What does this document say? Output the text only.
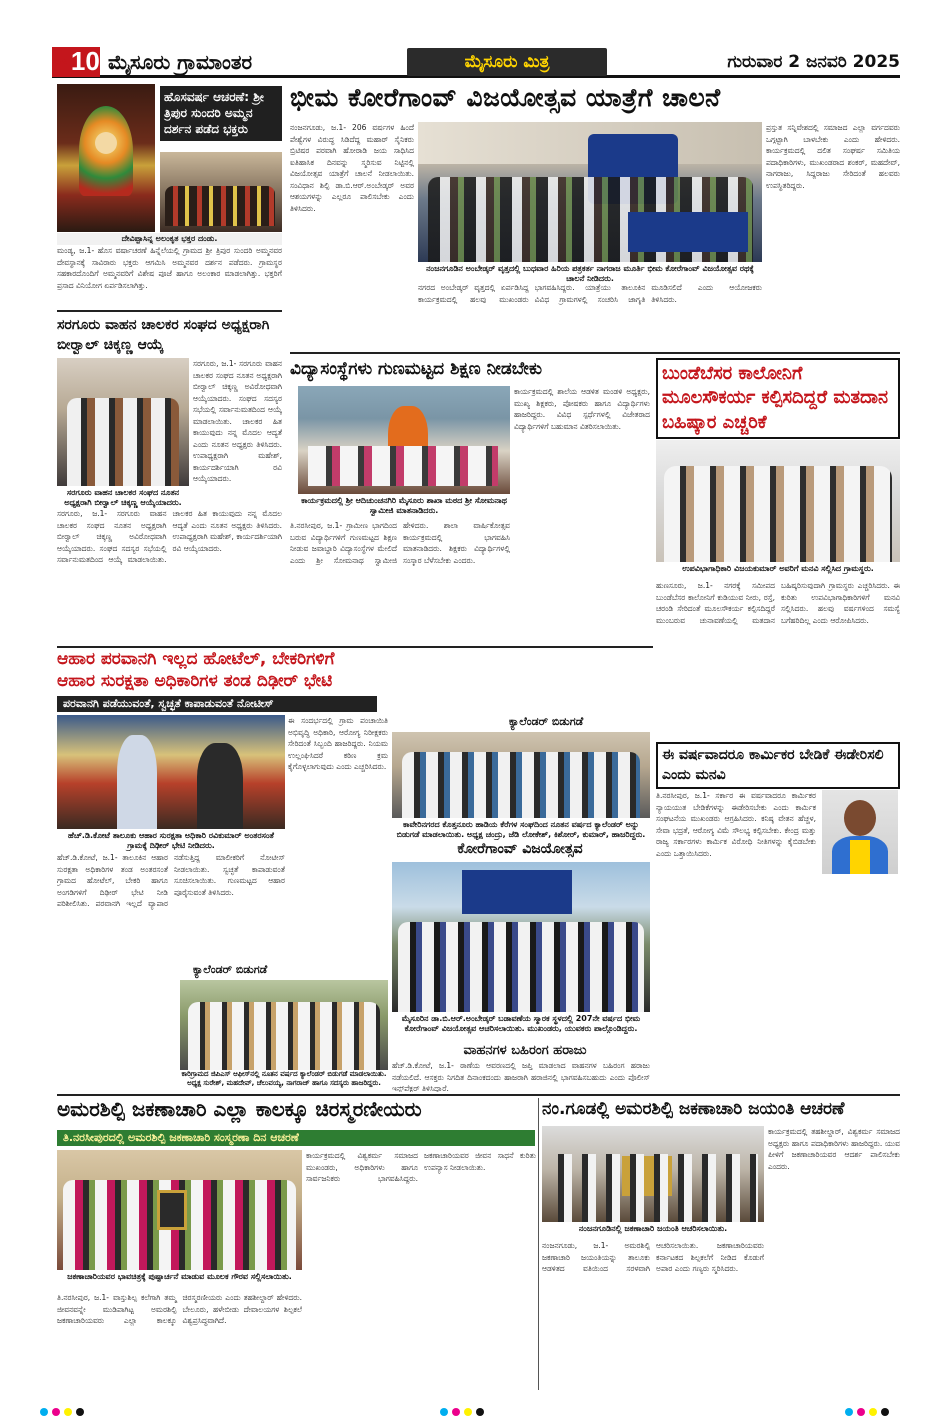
ಪುಟ 10 ಮೈಸೂರು ಗ್ರಾಮಾಂತರ	ಮೈಸೂರು ಮಿತ್ರ	ಗುರುವಾರ 2 ಜನವರಿ 2025
ಹೊಸವರ್ಷ ಆಚರಣೆ: ಶ್ರೀ ತ್ರಿಪುರ ಸುಂದರಿ ಅಮ್ಮನ ದರ್ಶನ ಪಡೆದ ಭಕ್ತರು
ದೇವಿಪ್ಪಾಸಿನ್ನ ಅಲಂಕೃತ ಭಕ್ತರ ದಂಡು.
ಮಂಡ್ಯ, ಜ.1- ಹೊಸ ವರ್ಷಾಚರಣೆ ಹಿನ್ನೆಲೆಯಲ್ಲಿ ಗ್ರಾಮದ ಶ್ರೀ ತ್ರಿಪುರ ಸುಂದರಿ ಅಮ್ಮನವರ ದೇವಸ್ಥಾನಕ್ಕೆ ಸಾವಿರಾರು ಭಕ್ತರು ಆಗಮಿಸಿ ಅಮ್ಮನವರ ದರ್ಶನ ಪಡೆದರು. ಗ್ರಾಮಸ್ಥರ ಸಹಕಾರದೊಂದಿಗೆ ಅಮ್ಮನವರಿಗೆ ವಿಶೇಷ ಪೂಜೆ ಹಾಗೂ ಅಲಂಕಾರ ಮಾಡಲಾಗಿತ್ತು. ಭಕ್ತರಿಗೆ ಪ್ರಸಾದ ವಿನಿಯೋಗ ಏರ್ಪಡಿಸಲಾಗಿತ್ತು.
ಭೀಮ ಕೋರೆಗಾಂವ್ ವಿಜಯೋತ್ಸವ ಯಾತ್ರೆಗೆ ಚಾಲನೆ
ನಂಜನಗೂಡು, ಜ.1- 206 ವರ್ಷಗಳ ಹಿಂದೆ ಪೇಶ್ವೆಗಳ ವಿರುದ್ಧ ಸಿಡಿದೆದ್ದ ಮಹಾರ್ ಸೈನಿಕರು ಬ್ರಿಟಿಷರ ಪರವಾಗಿ ಹೋರಾಡಿ ಜಯ ಸಾಧಿಸಿದ ಐತಿಹಾಸಿಕ ದಿನವನ್ನು ಸ್ಮರಿಸುವ ನಿಟ್ಟಿನಲ್ಲಿ ವಿಜಯೋತ್ಸವ ಯಾತ್ರೆಗೆ ಚಾಲನೆ ನೀಡಲಾಯಿತು. ಸಂವಿಧಾನ ಶಿಲ್ಪಿ ಡಾ.ಬಿ.ಆರ್.ಅಂಬೇಡ್ಕರ್ ಅವರ ಆಶಯಗಳನ್ನು ಎಲ್ಲರೂ ಪಾಲಿಸಬೇಕು ಎಂದು ತಿಳಿಸಿದರು.
ನಂಜನಗೂಡಿನ ಅಂಬೇಡ್ಕರ್ ವೃತ್ತದಲ್ಲಿ ಬುಧವಾರ ಹಿರಿಯ ಪತ್ರಕರ್ತ ನಾಗರಾಜ ಮೂರ್ತಿ ಭೀಮ ಕೋರೆಗಾಂವ್ ವಿಜಯೋತ್ಸವ ರಥಕ್ಕೆ ಚಾಲನೆ ನೀಡಿದರು.
ನಗರದ ಅಂಬೇಡ್ಕರ್ ವೃತ್ತದಲ್ಲಿ ಏರ್ಪಡಿಸಿದ್ದ ಕಾರ್ಯಕ್ರಮದಲ್ಲಿ ಹಲವು ಮುಖಂಡರು ಭಾಗವಹಿಸಿದ್ದರು. ಯಾತ್ರೆಯು ತಾಲೂಕಿನ ವಿವಿಧ ಗ್ರಾಮಗಳಲ್ಲಿ ಸಂಚರಿಸಿ ಜಾಗೃತಿ ಮೂಡಿಸಲಿದೆ ಎಂದು ಆಯೋಜಕರು ತಿಳಿಸಿದರು.
ಪ್ರಸ್ತುತ ಸನ್ನಿವೇಶದಲ್ಲಿ ಸಮಾಜದ ಎಲ್ಲಾ ವರ್ಗದವರು ಒಗ್ಗಟ್ಟಾಗಿ ಬಾಳಬೇಕು ಎಂದು ಹೇಳಿದರು. ಕಾರ್ಯಕ್ರಮದಲ್ಲಿ ದಲಿತ ಸಂಘರ್ಷ ಸಮಿತಿಯ ಪದಾಧಿಕಾರಿಗಳು, ಮುಖಂಡರಾದ ಶಂಕರ್, ಮಹದೇವ್, ನಾಗರಾಜು, ಸಿದ್ದರಾಜು ಸೇರಿದಂತೆ ಹಲವರು ಉಪಸ್ಥಿತರಿದ್ದರು.
ಸರಗೂರು ವಾಹನ ಚಾಲಕರ ಸಂಘದ ಅಧ್ಯಕ್ಷರಾಗಿ ಬೀರ್‍ವಾಲ್ ಚಿಕ್ಕಣ್ಣ ಆಯ್ಕೆ
ಸರಗೂರು, ಜ.1- ಸರಗೂರು ವಾಹನ ಚಾಲಕರ ಸಂಘದ ನೂತನ ಅಧ್ಯಕ್ಷರಾಗಿ ಬೀರ್‍ವಾಲ್ ಚಿಕ್ಕಣ್ಣ ಅವಿರೋಧವಾಗಿ ಆಯ್ಕೆಯಾದರು. ಸಂಘದ ಸದಸ್ಯರ ಸಭೆಯಲ್ಲಿ ಸರ್ವಾನುಮತದಿಂದ ಆಯ್ಕೆ ಮಾಡಲಾಯಿತು. ಚಾಲಕರ ಹಿತ ಕಾಯುವುದು ನನ್ನ ಮೊದಲ ಆದ್ಯತೆ ಎಂದು ನೂತನ ಅಧ್ಯಕ್ಷರು ತಿಳಿಸಿದರು. ಉಪಾಧ್ಯಕ್ಷರಾಗಿ ಮಹೇಶ್, ಕಾರ್ಯದರ್ಶಿಯಾಗಿ ರವಿ ಆಯ್ಕೆಯಾದರು.
ಸರಗೂರು ವಾಹನ ಚಾಲಕರ ಸಂಘದ ನೂತನ ಅಧ್ಯಕ್ಷರಾಗಿ ಬೀರ್‍ವಾಲ್ ಚಿಕ್ಕಣ್ಣ ಆಯ್ಕೆಯಾದರು.
ಸರಗೂರು, ಜ.1- ಸರಗೂರು ವಾಹನ ಚಾಲಕರ ಸಂಘದ ನೂತನ ಅಧ್ಯಕ್ಷರಾಗಿ ಬೀರ್‍ವಾಲ್ ಚಿಕ್ಕಣ್ಣ ಅವಿರೋಧವಾಗಿ ಆಯ್ಕೆಯಾದರು. ಸಂಘದ ಸದಸ್ಯರ ಸಭೆಯಲ್ಲಿ ಸರ್ವಾನುಮತದಿಂದ ಆಯ್ಕೆ ಮಾಡಲಾಯಿತು. ಚಾಲಕರ ಹಿತ ಕಾಯುವುದು ನನ್ನ ಮೊದಲ ಆದ್ಯತೆ ಎಂದು ನೂತನ ಅಧ್ಯಕ್ಷರು ತಿಳಿಸಿದರು. ಉಪಾಧ್ಯಕ್ಷರಾಗಿ ಮಹೇಶ್, ಕಾರ್ಯದರ್ಶಿಯಾಗಿ ರವಿ ಆಯ್ಕೆಯಾದರು.
ವಿದ್ಯಾಸಂಸ್ಥೆಗಳು ಗುಣಮಟ್ಟದ ಶಿಕ್ಷಣ ನೀಡಬೇಕು
ಕಾರ್ಯಕ್ರಮದಲ್ಲಿ ಶ್ರೀ ಆದಿಚುಂಚನಗಿರಿ ಮೈಸೂರು ಶಾಖಾ ಮಠದ ಶ್ರೀ ಸೋಮನಾಥ ಸ್ವಾಮೀಜಿ ಮಾತನಾಡಿದರು.
ತಿ.ನರಸೀಪುರ, ಜ.1- ಗ್ರಾಮೀಣ ಭಾಗದಿಂದ ಬರುವ ವಿದ್ಯಾರ್ಥಿಗಳಿಗೆ ಗುಣಮಟ್ಟದ ಶಿಕ್ಷಣ ನೀಡುವ ಜವಾಬ್ದಾರಿ ವಿದ್ಯಾಸಂಸ್ಥೆಗಳ ಮೇಲಿದೆ ಎಂದು ಶ್ರೀ ಸೋಮನಾಥ ಸ್ವಾಮೀಜಿ ಹೇಳಿದರು. ಶಾಲಾ ವಾರ್ಷಿಕೋತ್ಸವ ಕಾರ್ಯಕ್ರಮದಲ್ಲಿ ಭಾಗವಹಿಸಿ ಮಾತನಾಡಿದರು. ಶಿಕ್ಷಕರು ವಿದ್ಯಾರ್ಥಿಗಳಲ್ಲಿ ಸಂಸ್ಕಾರ ಬೆಳೆಸಬೇಕು ಎಂದರು.
ಕಾರ್ಯಕ್ರಮದಲ್ಲಿ ಶಾಲೆಯ ಆಡಳಿತ ಮಂಡಳಿ ಅಧ್ಯಕ್ಷರು, ಮುಖ್ಯ ಶಿಕ್ಷಕರು, ಪೋಷಕರು ಹಾಗೂ ವಿದ್ಯಾರ್ಥಿಗಳು ಹಾಜರಿದ್ದರು. ವಿವಿಧ ಸ್ಪರ್ಧೆಗಳಲ್ಲಿ ವಿಜೇತರಾದ ವಿದ್ಯಾರ್ಥಿಗಳಿಗೆ ಬಹುಮಾನ ವಿತರಿಸಲಾಯಿತು.
ಬುಂಡೆಬೆಸರ ಕಾಲೋನಿಗೆ ಮೂಲಸೌಕರ್ಯ ಕಲ್ಪಿಸದಿದ್ದರೆ ಮತದಾನ ಬಹಿಷ್ಕಾರ ಎಚ್ಚರಿಕೆ
ಉಪವಿಭಾಗಾಧಿಕಾರಿ ವಿಜಯಕುಮಾರ್ ಅವರಿಗೆ ಮನವಿ ಸಲ್ಲಿಸಿದ ಗ್ರಾಮಸ್ಥರು.
ಹುಣಸೂರು, ಜ.1- ನಗರಕ್ಕೆ ಸಮೀಪದ ಬುಂಡೆಬೆಸರ ಕಾಲೋನಿಗೆ ಕುಡಿಯುವ ನೀರು, ರಸ್ತೆ, ಚರಂಡಿ ಸೇರಿದಂತೆ ಮೂಲಸೌಕರ್ಯ ಕಲ್ಪಿಸದಿದ್ದರೆ ಮುಂಬರುವ ಚುನಾವಣೆಯಲ್ಲಿ ಮತದಾನ ಬಹಿಷ್ಕರಿಸುವುದಾಗಿ ಗ್ರಾಮಸ್ಥರು ಎಚ್ಚರಿಸಿದರು. ಈ ಕುರಿತು ಉಪವಿಭಾಗಾಧಿಕಾರಿಗಳಿಗೆ ಮನವಿ ಸಲ್ಲಿಸಿದರು. ಹಲವು ವರ್ಷಗಳಿಂದ ಸಮಸ್ಯೆ ಬಗೆಹರಿದಿಲ್ಲ ಎಂದು ಆರೋಪಿಸಿದರು.
ಆಹಾರ ಪರವಾನಗಿ ಇಲ್ಲದ ಹೋಟೆಲ್, ಬೇಕರಿಗಳಿಗೆ
ಆಹಾರ ಸುರಕ್ಷತಾ ಅಧಿಕಾರಿಗಳ ತಂಡ ದಿಢೀರ್ ಭೇಟಿ
ಪರವಾನಗಿ ಪಡೆಯುವಂತೆ, ಸ್ವಚ್ಛತೆ ಕಾಪಾಡುವಂತೆ ನೋಟೀಸ್
ಹೆಚ್.ಡಿ.ಕೋಟೆ ತಾಲೂಕು ಆಹಾರ ಸುರಕ್ಷತಾ ಅಧಿಕಾರಿ ರವಿಕುಮಾರ್ ಅಂತರಸಂತೆ ಗ್ರಾಮಕ್ಕೆ ದಿಢೀರ್ ಭೇಟಿ ನೀಡಿದರು.
ಹೆಚ್.ಡಿ.ಕೋಟೆ, ಜ.1- ತಾಲೂಕಿನ ಆಹಾರ ಸುರಕ್ಷತಾ ಅಧಿಕಾರಿಗಳ ತಂಡ ಅಂತರಸಂತೆ ಗ್ರಾಮದ ಹೋಟೆಲ್, ಬೇಕರಿ ಹಾಗೂ ಅಂಗಡಿಗಳಿಗೆ ದಿಢೀರ್ ಭೇಟಿ ನೀಡಿ ಪರಿಶೀಲಿಸಿತು. ಪರವಾನಗಿ ಇಲ್ಲದೆ ವ್ಯಾಪಾರ ನಡೆಸುತ್ತಿದ್ದ ಮಾಲೀಕರಿಗೆ ನೋಟೀಸ್ ನೀಡಲಾಯಿತು. ಸ್ವಚ್ಛತೆ ಕಾಪಾಡುವಂತೆ ಸೂಚಿಸಲಾಯಿತು. ಗುಣಮಟ್ಟದ ಆಹಾರ ಪೂರೈಸುವಂತೆ ತಿಳಿಸಿದರು.
ಈ ಸಂದರ್ಭದಲ್ಲಿ ಗ್ರಾಮ ಪಂಚಾಯಿತಿ ಅಭಿವೃದ್ಧಿ ಅಧಿಕಾರಿ, ಆರೋಗ್ಯ ನಿರೀಕ್ಷಕರು ಸೇರಿದಂತೆ ಸಿಬ್ಬಂದಿ ಹಾಜರಿದ್ದರು. ನಿಯಮ ಉಲ್ಲಂಘಿಸಿದರೆ ಕಠಿಣ ಕ್ರಮ ಕೈಗೊಳ್ಳಲಾಗುವುದು ಎಂದು ಎಚ್ಚರಿಸಿದರು.
ಕ್ಯಾಲೆಂಡರ್ ಬಿಡುಗಡೆ
ಕಾವೇರಿನಗರದ ಕೊತ್ತನೂರು ಹಾಡಿಯ ಕೆರೆಗಳ ಸಂಘದಿಂದ ನೂತನ ವರ್ಷದ ಕ್ಯಾಲೆಂಡರ್ ಅನ್ನು ಬಿಡುಗಡೆ ಮಾಡಲಾಯಿತು. ಅಧ್ಯಕ್ಷ ಚಂದ್ರು, ಜೆಡಿ ಲೋಕೇಶ್, ಕಿಶೋರ್, ಕುಮಾರ್, ಹಾಜರಿದ್ದರು.
ಕ್ಯಾಲೆಂಡರ್ ಬಿಡುಗಡೆ
ಕಾರಿಗ್ರಾಮದ ಜಿಪಿಎಸ್ ಆಫೀಸ್‌ನಲ್ಲಿ ನೂತನ ವರ್ಷದ ಕ್ಯಾಲೆಂಡರ್ ಬಿಡುಗಡೆ ಮಾಡಲಾಯಿತು. ಅಧ್ಯಕ್ಷ ಸುರೇಶ್, ಮಹದೇವ್, ಚೆಲುವಯ್ಯ, ನಾಗರಾಜ್ ಹಾಗೂ ಸದಸ್ಯರು ಹಾಜರಿದ್ದರು.
ಕೋರೆಗಾಂವ್ ವಿಜಯೋತ್ಸವ
ಮೈಸೂರಿನ ಡಾ.ಬಿ.ಆರ್.ಅಂಬೇಡ್ಕರ್ ಬಡಾವಣೆಯ ಸ್ಮಾರಕ ಸ್ಥಳದಲ್ಲಿ 207ನೇ ವರ್ಷದ ಭೀಮ ಕೋರೆಗಾಂವ್ ವಿಜಯೋತ್ಸವ ಆಚರಿಸಲಾಯಿತು. ಮುಖಂಡರು, ಯುವಕರು ಪಾಲ್ಗೊಂಡಿದ್ದರು.
ವಾಹನಗಳ ಬಹಿರಂಗ ಹರಾಜು
ಹೆಚ್.ಡಿ.ಕೋಟೆ, ಜ.1- ಠಾಣೆಯ ಆವರಣದಲ್ಲಿ ಜಪ್ತಿ ಮಾಡಲಾದ ವಾಹನಗಳ ಬಹಿರಂಗ ಹರಾಜು ನಡೆಯಲಿದೆ. ಆಸಕ್ತರು ನಿಗದಿತ ದಿನಾಂಕದಂದು ಹಾಜರಾಗಿ ಹರಾಜಿನಲ್ಲಿ ಭಾಗವಹಿಸಬಹುದು ಎಂದು ಪೊಲೀಸ್ ಇನ್ಸ್‌ಪೆಕ್ಟರ್ ತಿಳಿಸಿದ್ದಾರೆ.
ಈ ವರ್ಷವಾದರೂ ಕಾರ್ಮಿಕರ ಬೇಡಿಕೆ ಈಡೇರಿಸಲಿ ಎಂದು ಮನವಿ
ತಿ.ನರಸೀಪುರ, ಜ.1- ಸರ್ಕಾರ ಈ ವರ್ಷವಾದರೂ ಕಾರ್ಮಿಕರ ನ್ಯಾಯಯುತ ಬೇಡಿಕೆಗಳನ್ನು ಈಡೇರಿಸಬೇಕು ಎಂದು ಕಾರ್ಮಿಕ ಸಂಘಟನೆಯ ಮುಖಂಡರು ಆಗ್ರಹಿಸಿದರು. ಕನಿಷ್ಠ ವೇತನ ಹೆಚ್ಚಳ, ಸೇವಾ ಭದ್ರತೆ, ಆರೋಗ್ಯ ವಿಮೆ ಸೌಲಭ್ಯ ಕಲ್ಪಿಸಬೇಕು. ಕೇಂದ್ರ ಮತ್ತು ರಾಜ್ಯ ಸರ್ಕಾರಗಳು ಕಾರ್ಮಿಕ ವಿರೋಧಿ ನೀತಿಗಳನ್ನು ಕೈಬಿಡಬೇಕು ಎಂದು ಒತ್ತಾಯಿಸಿದರು.
ಅಮರಶಿಲ್ಪಿ ಜಕಣಾಚಾರಿ ಎಲ್ಲಾ ಕಾಲಕ್ಕೂ ಚಿರಸ್ಮರಣೀಯರು
ತಿ.ನರಸೀಪುರದಲ್ಲಿ ಅಮರಶಿಲ್ಪಿ ಜಕಣಾಚಾರಿ ಸಂಸ್ಮರಣಾ ದಿನ ಆಚರಣೆ
ಜಕಣಾಚಾರಿಯವರ ಭಾವಚಿತ್ರಕ್ಕೆ ಪುಷ್ಪಾರ್ಚನೆ ಮಾಡುವ ಮೂಲಕ ಗೌರವ ಸಲ್ಲಿಸಲಾಯಿತು.
ತಿ.ನರಸೀಪುರ, ಜ.1- ವಾಸ್ತುಶಿಲ್ಪ ಕಲೆಗಾಗಿ ತಮ್ಮ ಜೀವನವನ್ನೇ ಮುಡಿಪಾಗಿಟ್ಟ ಅಮರಶಿಲ್ಪಿ ಜಕಣಾಚಾರಿಯವರು ಎಲ್ಲಾ ಕಾಲಕ್ಕೂ ಚಿರಸ್ಮರಣೀಯರು ಎಂದು ತಹಶೀಲ್ದಾರ್ ಹೇಳಿದರು. ಬೇಲೂರು, ಹಳೇಬೀಡು ದೇವಾಲಯಗಳ ಶಿಲ್ಪಕಲೆ ವಿಶ್ವಪ್ರಸಿದ್ಧವಾಗಿದೆ.
ಕಾರ್ಯಕ್ರಮದಲ್ಲಿ ವಿಶ್ವಕರ್ಮ ಸಮಾಜದ ಮುಖಂಡರು, ಅಧಿಕಾರಿಗಳು ಹಾಗೂ ಸಾರ್ವಜನಿಕರು ಭಾಗವಹಿಸಿದ್ದರು. ಜಕಣಾಚಾರಿಯವರ ಜೀವನ ಸಾಧನೆ ಕುರಿತು ಉಪನ್ಯಾಸ ನೀಡಲಾಯಿತು.
ನಂ.ಗೂಡಲ್ಲಿ ಅಮರಶಿಲ್ಪಿ ಜಕಣಾಚಾರಿ ಜಯಂತಿ ಆಚರಣೆ
ನಂಜನಗೂಡಿನಲ್ಲಿ ಜಕಣಾಚಾರಿ ಜಯಂತಿ ಆಚರಿಸಲಾಯಿತು.
ನಂಜನಗೂಡು, ಜ.1- ಅಮರಶಿಲ್ಪಿ ಜಕಣಾಚಾರಿ ಜಯಂತಿಯನ್ನು ತಾಲೂಕು ಆಡಳಿತದ ವತಿಯಿಂದ ಸರಳವಾಗಿ ಆಚರಿಸಲಾಯಿತು. ಜಕಣಾಚಾರಿಯವರು ಕರ್ನಾಟಕದ ಶಿಲ್ಪಕಲೆಗೆ ನೀಡಿದ ಕೊಡುಗೆ ಅಪಾರ ಎಂದು ಗಣ್ಯರು ಸ್ಮರಿಸಿದರು.
ಕಾರ್ಯಕ್ರಮದಲ್ಲಿ ತಹಶೀಲ್ದಾರ್, ವಿಶ್ವಕರ್ಮ ಸಮಾಜದ ಅಧ್ಯಕ್ಷರು ಹಾಗೂ ಪದಾಧಿಕಾರಿಗಳು ಹಾಜರಿದ್ದರು. ಯುವ ಪೀಳಿಗೆ ಜಕಣಾಚಾರಿಯವರ ಆದರ್ಶ ಪಾಲಿಸಬೇಕು ಎಂದರು.
